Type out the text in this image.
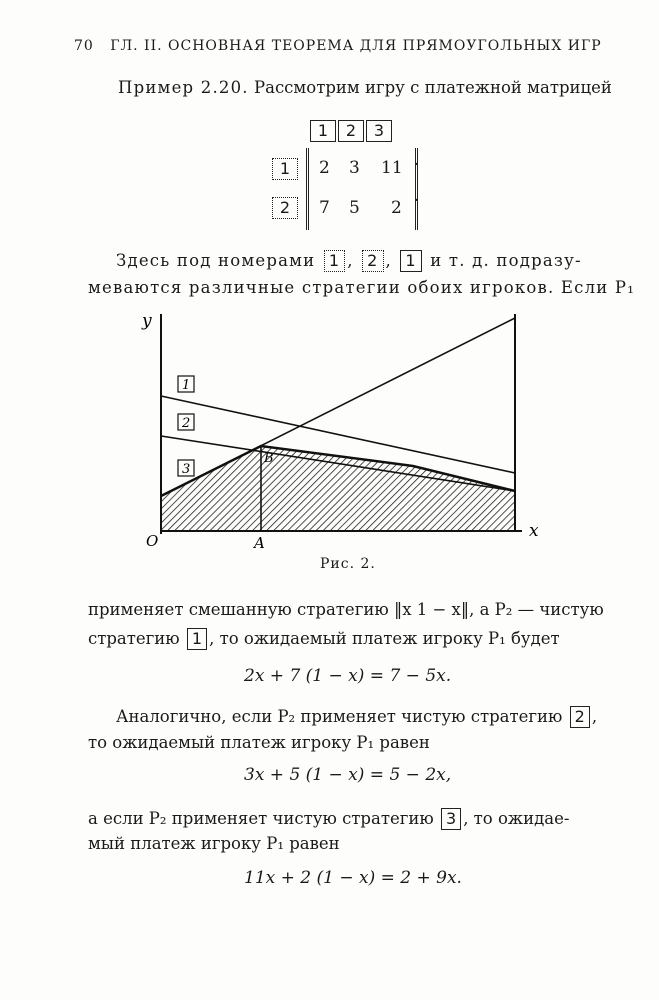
70 ГЛ. II. ОСНОВНАЯ ТЕОРЕМА ДЛЯ ПРЯМОУГОЛЬНЫХ ИГР
Пример 2.20. Рассмотрим игру с платежной матрицей
1 2 3
1
2
2 3 11
7 5 2
.
.
Здесь под номерами 1 , 2 , 1 и т. д. подразу-
меваются различные стратегии обоих игроков. Если P₁
1
2
3
y
x
O	A
B
Рис. 2.
применяет смешанную стратегию ‖x 1 − x‖, а P₂ — чистую
стратегию 1 , то ожидаемый платеж игроку P₁ будет
2x + 7 (1 − x) = 7 − 5x.
Аналогично, если P₂ применяет чистую стратегию 2 ,
то ожидаемый платеж игроку P₁ равен
3x + 5 (1 − x) = 5 − 2x,
а если P₂ применяет чистую стратегию 3 , то ожидае-
мый платеж игроку P₁ равен
11x + 2 (1 − x) = 2 + 9x.
